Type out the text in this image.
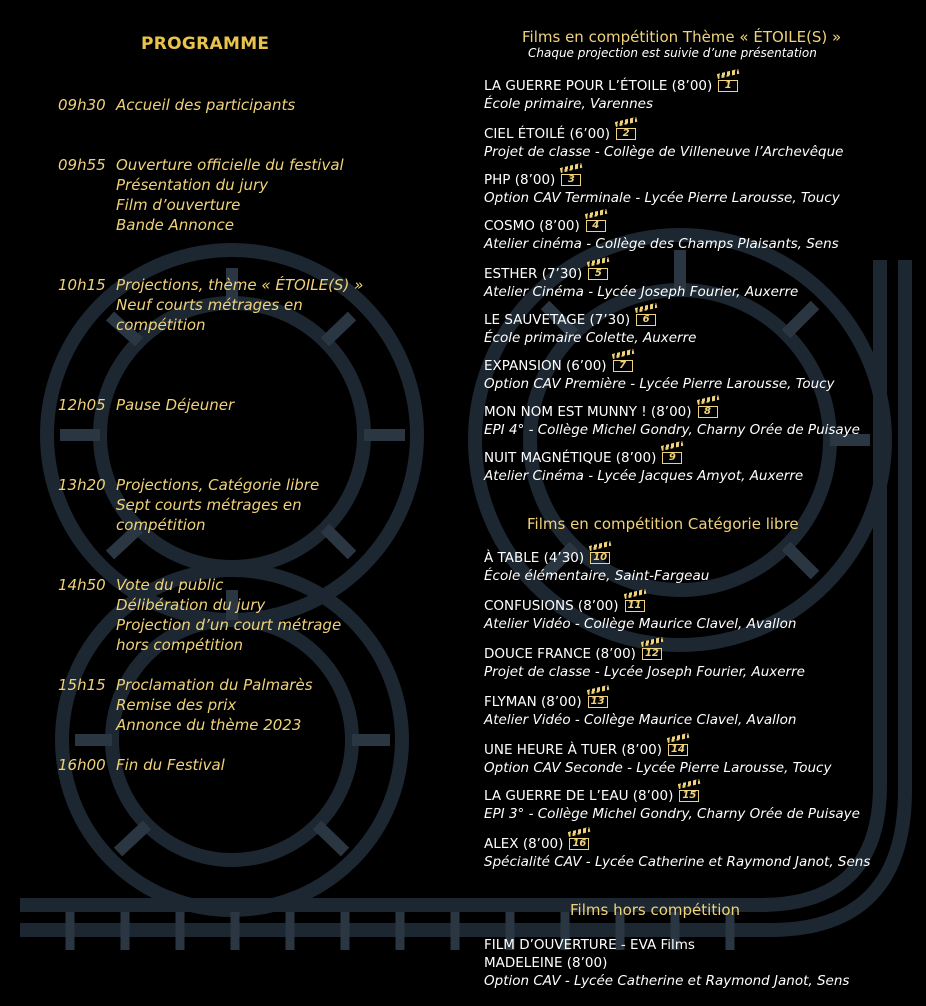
PROGRAMME
09h30 Accueil des participants
09h55 Ouverture officielle du festival
Présentation du jury
Film d’ouverture
Bande Annonce
10h15 Projections, thème « ÉTOILE(S) »
Neuf courts métrages en
compétition
12h05 Pause Déjeuner
13h20 Projections, Catégorie libre
Sept courts métrages en
compétition
14h50 Vote du public
Délibération du jury
Projection d’un court métrage
hors compétition
15h15 Proclamation du Palmarès
Remise des prix
Annonce du thème 2023
16h00 Fin du Festival
Films en compétition Thème « ÉTOILE(S) »
Chaque projection est suivie d’une présentation
LA GUERRE POUR L’ÉTOILE (8’00)	1
École primaire, Varennes
CIEL ÉTOILÉ (6’00)	2
Projet de classe - Collège de Villeneuve l’Archevêque
PHP (8’00)	3
Option CAV Terminale - Lycée Pierre Larousse, Toucy
COSMO (8’00)	4
Atelier cinéma - Collège des Champs Plaisants, Sens
ESTHER (7’30)	5
Atelier Cinéma - Lycée Joseph Fourier, Auxerre
LE SAUVETAGE (7’30)	6
École primaire Colette, Auxerre
EXPANSION (6’00)	7
Option CAV Première - Lycée Pierre Larousse, Toucy
MON NOM EST MUNNY ! (8’00)	8
EPI 4° - Collège Michel Gondry, Charny Orée de Puisaye
NUIT MAGNÉTIQUE (8’00)	9
Atelier Cinéma - Lycée Jacques Amyot, Auxerre
Films en compétition Catégorie libre
À TABLE (4’30) 10
École élémentaire, Saint-Fargeau
CONFUSIONS (8’00) 11
Atelier Vidéo - Collège Maurice Clavel, Avallon
DOUCE FRANCE (8’00) 12
Projet de classe - Lycée Joseph Fourier, Auxerre
FLYMAN (8’00) 13
Atelier Vidéo - Collège Maurice Clavel, Avallon
UNE HEURE À TUER (8’00) 14
Option CAV Seconde - Lycée Pierre Larousse, Toucy
LA GUERRE DE L’EAU (8’00) 15
EPI 3° - Collège Michel Gondry, Charny Orée de Puisaye
ALEX (8’00) 16
Spécialité CAV - Lycée Catherine et Raymond Janot, Sens
Films hors compétition
FILM D’OUVERTURE - EVA Films
MADELEINE (8’00)
Option CAV - Lycée Catherine et Raymond Janot, Sens
